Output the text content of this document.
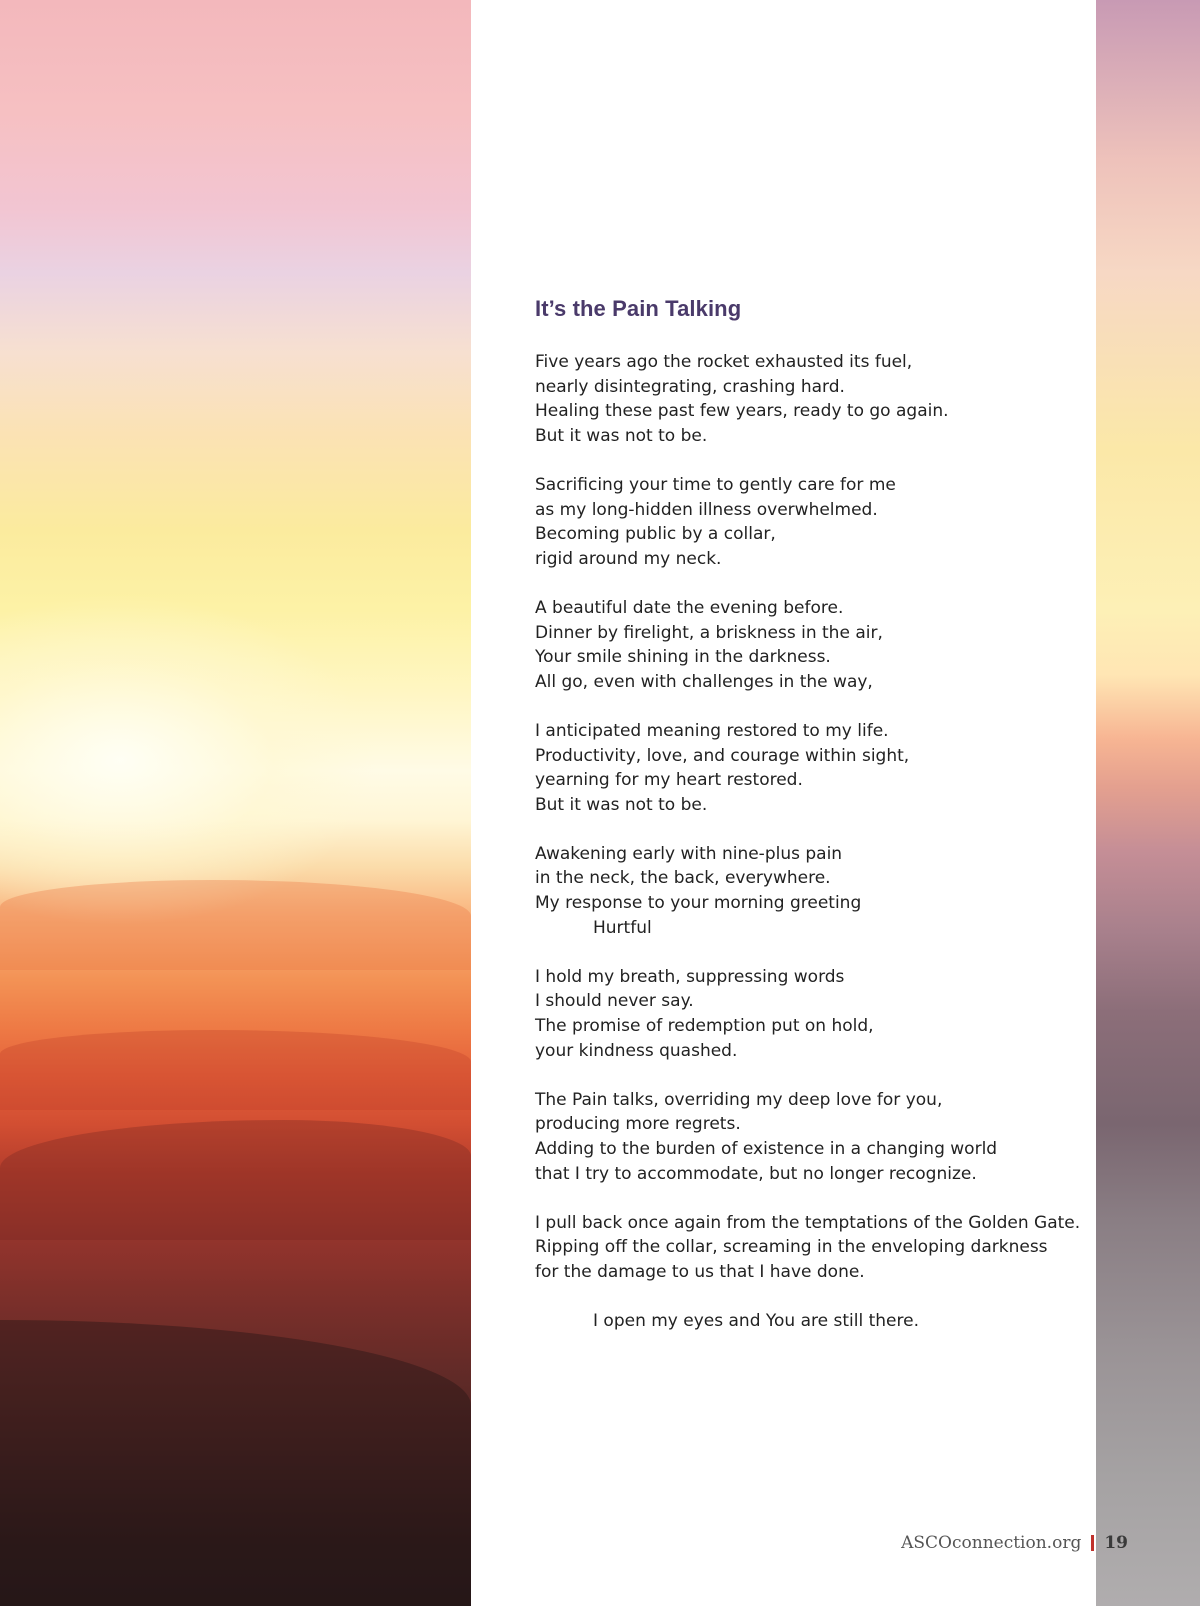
It’s the Pain Talking

Five years ago the rocket exhausted its fuel,
nearly disintegrating, crashing hard.
Healing these past few years, ready to go again.
But it was not to be.

Sacrificing your time to gently care for me
as my long-hidden illness overwhelmed.
Becoming public by a collar,
rigid around my neck.

A beautiful date the evening before.
Dinner by firelight, a briskness in the air,
Your smile shining in the darkness.
All go, even with challenges in the way,

I anticipated meaning restored to my life.
Productivity, love, and courage within sight,
yearning for my heart restored.
But it was not to be.

Awakening early with nine-plus pain
in the neck, the back, everywhere.
My response to your morning greeting
Hurtful

I hold my breath, suppressing words
I should never say.
The promise of redemption put on hold,
your kindness quashed.

The Pain talks, overriding my deep love for you,
producing more regrets.
Adding to the burden of existence in a changing world
that I try to accommodate, but no longer recognize.

I pull back once again from the temptations of the Golden Gate.
Ripping off the collar, screaming in the enveloping darkness
for the damage to us that I have done.

I open my eyes and You are still there.

ASCOconnection.org 19
